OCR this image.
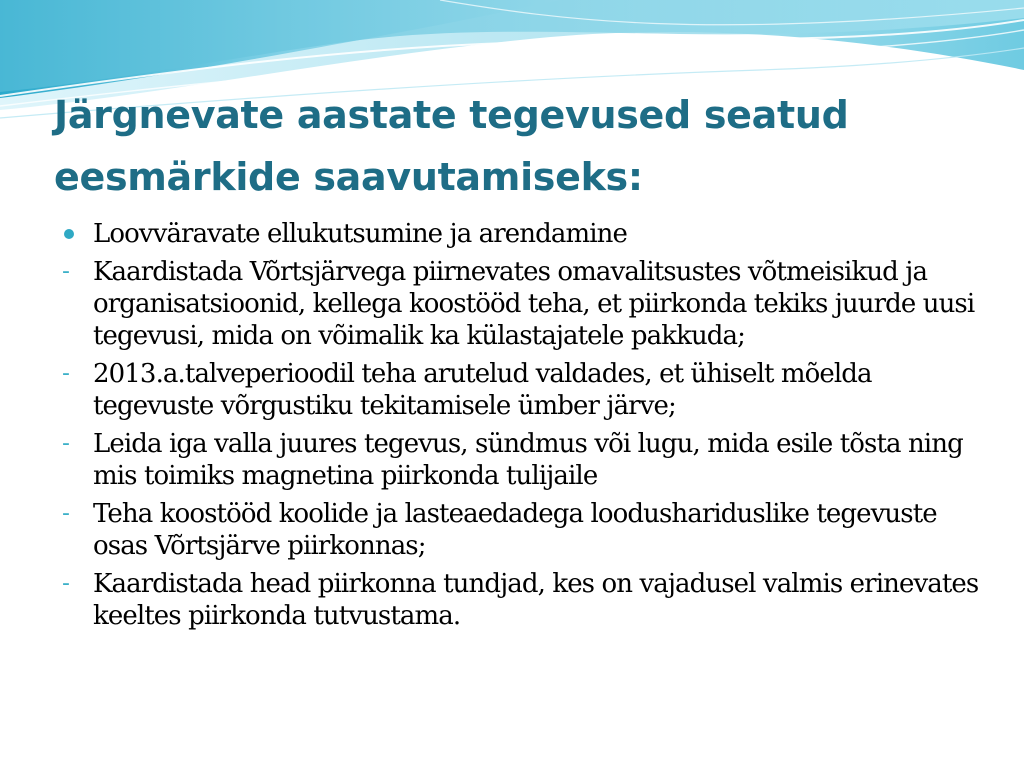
Järgnevate aastate tegevused seatud
eesmärkide saavutamiseks:
Loovväravate ellukutsumine ja arendamine
- Kaardistada Võrtsjärvega piirnevates omavalitsustes võtmeisikud ja organisatsioonid, kellega koostööd teha, et piirkonda tekiks juurde uusi tegevusi, mida on võimalik ka külastajatele pakkuda;
- 2013.a.talveperioodil teha arutelud valdades, et ühiselt mõelda tegevuste võrgustiku tekitamisele ümber järve;
- Leida iga valla juures tegevus, sündmus või lugu, mida esile tõsta ning mis toimiks magnetina piirkonda tulijaile
- Teha koostööd koolide ja lasteaedadega loodushariduslike tegevuste osas Võrtsjärve piirkonnas;
- Kaardistada head piirkonna tundjad, kes on vajadusel valmis erinevates keeltes piirkonda tutvustama.
